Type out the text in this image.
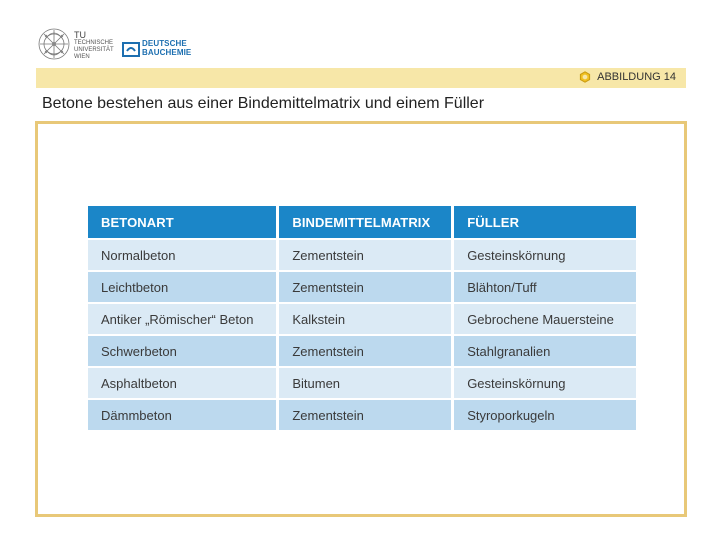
TU
TECHNISCHE
UNIVERSITÄT
WIEN
DEUTSCHE
BAUCHEMIE
ABBILDUNG 14
Betone bestehen aus einer Bindemittelmatrix und einem Füller
BETONART	BINDEMITTELMATRIX	FÜLLER
Normalbeton	Zementstein	Gesteinskörnung
Leichtbeton	Zementstein	Blähton/Tuff
Antiker „Römischer“ Beton	Kalkstein	Gebrochene Mauersteine
Schwerbeton	Zementstein	Stahlgranalien
Asphaltbeton	Bitumen	Gesteinskörnung
Dämmbeton	Zementstein	Styroporkugeln
